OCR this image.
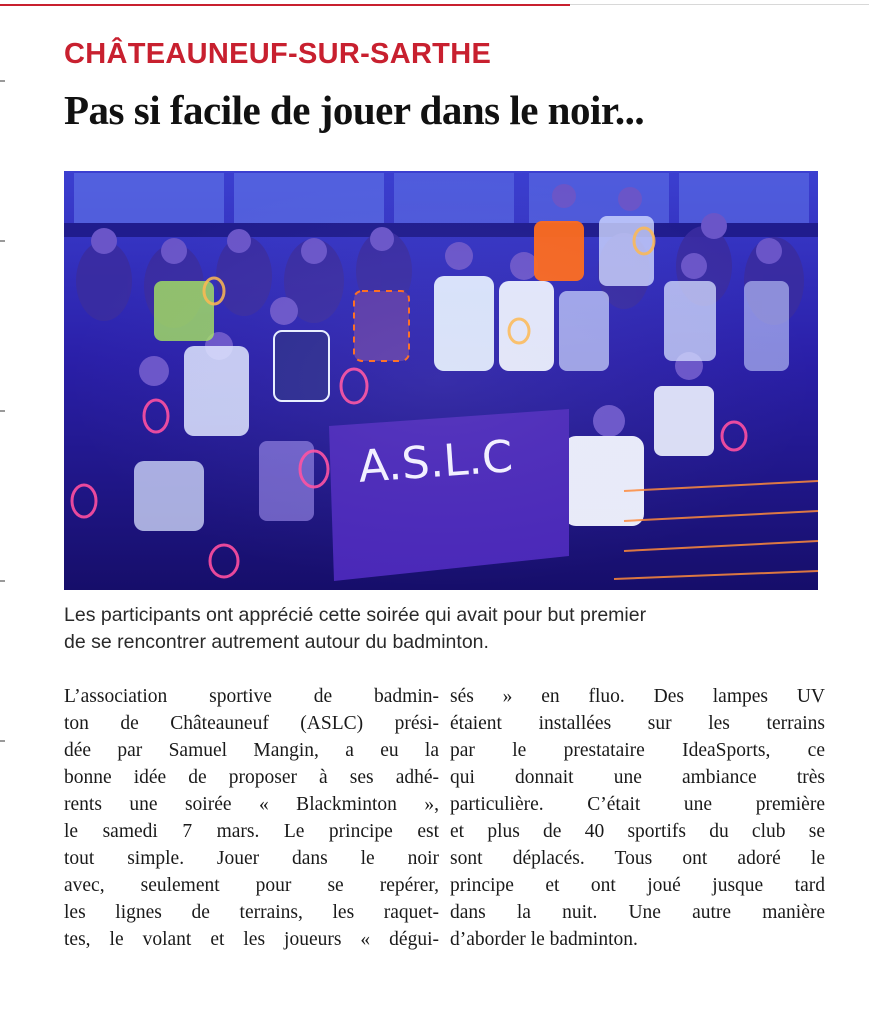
CHÂTEAUNEUF-SUR-SARTHE
Pas si facile de jouer dans le noir...
A.S.L.C
Les participants ont apprécié cette soirée qui avait pour but premier
de se rencontrer autrement autour du badminton.
L’association sportive de badmin-
ton de Châteauneuf (ASLC) prési-
dée par Samuel Mangin, a eu la
bonne idée de proposer à ses adhé-
rents une soirée « Blackminton »,
le samedi 7 mars. Le principe est
tout simple. Jouer dans le noir
avec, seulement pour se repérer,
les lignes de terrains, les raquet-
tes, le volant et les joueurs « dégui-
sés » en fluo. Des lampes UV
étaient installées sur les terrains
par le prestataire IdeaSports, ce
qui donnait une ambiance très
particulière. C’était une première
et plus de 40 sportifs du club se
sont déplacés. Tous ont adoré le
principe et ont joué jusque tard
dans la nuit. Une autre manière
d’aborder le badminton.
